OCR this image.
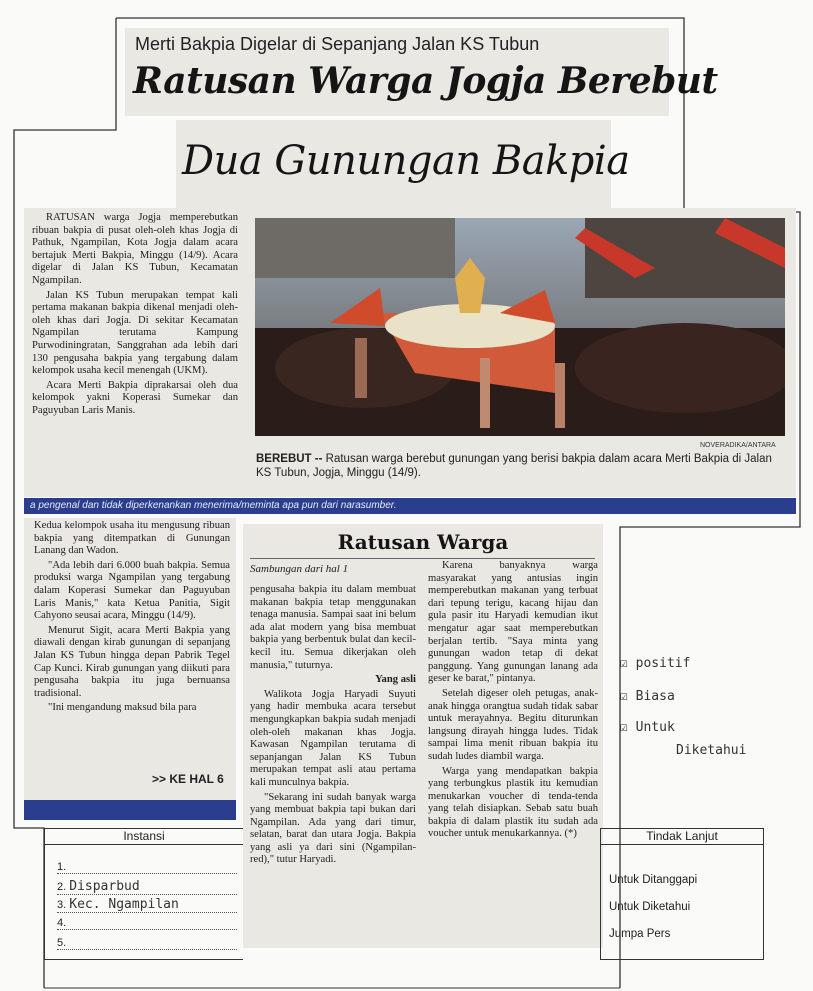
Merti Bakpia Digelar di Sepanjang Jalan KS Tubun
Ratusan Warga Jogja Berebut
Dua Gunungan Bakpia

RATUSAN warga Jogja memperebutkan ribuan bakpia di pusat oleh-oleh khas Jogja di Pathuk, Ngampilan, Kota Jogja dalam acara bertajuk Merti Bakpia, Minggu (14/9). Acara digelar di Jalan KS Tubun, Kecamatan Ngampilan.

Jalan KS Tubun merupakan tempat kali pertama makanan bakpia dikenal menjadi oleh-oleh khas dari Jogja. Di sekitar Kecamatan Ngampilan terutama Kampung Purwodiningratan, Sanggrahan ada lebih dari 130 pengusaha bakpia yang tergabung dalam kelompok usaha kecil menengah (UKM).

Acara Merti Bakpia diprakarsai oleh dua kelompok yakni Koperasi Sumekar dan Paguyuban Laris Manis.

NOVERADIKA/ANTARA
BEREBUT -- Ratusan warga berebut gunungan yang berisi bakpia dalam acara Merti Bakpia di Jalan KS Tubun, Jogja, Minggu (14/9).
a pengenal dan tidak diperkenankan menerima/meminta apa pun dari narasumber.

Kedua kelompok usaha itu mengusung ribuan bakpia yang ditempatkan di Gunungan Lanang dan Wadon.

"Ada lebih dari 6.000 buah bakpia. Semua produksi warga Ngampilan yang tergabung dalam Koperasi Sumekar dan Paguyuban Laris Manis," kata Ketua Panitia, Sigit Cahyono seusai acara, Minggu (14/9).

Menurut Sigit, acara Merti Bakpia yang diawali dengan kirab gunungan di sepanjang Jalan KS Tubun hingga depan Pabrik Tegel Cap Kunci. Kirab gunungan yang diikuti para pengusaha bakpia itu juga bernuansa tradisional.

"Ini mengandung maksud bila para

>> KE HAL 6
Ratusan Warga
Sambungan dari hal 1

pengusaha bakpia itu dalam membuat makanan bakpia tetap menggunakan tenaga manusia. Sampai saat ini belum ada alat modern yang bisa membuat bakpia yang berbentuk bulat dan kecil-kecil itu. Semua dikerjakan oleh manusia," tuturnya.

Yang asli

Walikota Jogja Haryadi Suyuti yang hadir membuka acara tersebut mengungkapkan bakpia sudah menjadi oleh-oleh makanan khas Jogja. Kawasan Ngampilan terutama di sepanjangan Jalan KS Tubun merupakan tempat asli atau pertama kali munculnya bakpia.

"Sekarang ini sudah banyak warga yang membuat bakpia tapi bukan dari Ngampilan. Ada yang dari timur, selatan, barat dan utara Jogja. Bakpia yang asli ya dari sini (Ngampilan-red)," tutur Haryadi.

Karena banyaknya warga masyarakat yang antusias ingin memperebutkan makanan yang terbuat dari tepung terigu, kacang hijau dan gula pasir itu Haryadi kemudian ikut mengatur agar saat memperebutkan berjalan tertib. "Saya minta yang gunungan wadon tetap di dekat panggung. Yang gunungan lanang ada geser ke barat," pintanya.

Setelah digeser oleh petugas, anak-anak hingga orangtua sudah tidak sabar untuk merayahnya. Begitu diturunkan langsung dirayah hingga ludes. Tidak sampai lima menit ribuan bakpia itu sudah ludes diambil warga.

Warga yang mendapatkan bakpia yang terbungkus plastik itu kemudian menukarkan voucher di tenda-tenda yang telah disiapkan. Sebab satu buah bakpia di dalam plastik itu sudah ada voucher untuk menukarkannya. (*)

☑ positif
☑ Biasa
☑ Untuk
Diketahui
Instansi
1.
2. Disparbud
3. Kec. Ngampilan
4.
5.
Tindak Lanjut
Untuk Ditanggapi
Untuk Diketahui
Jumpa Pers
